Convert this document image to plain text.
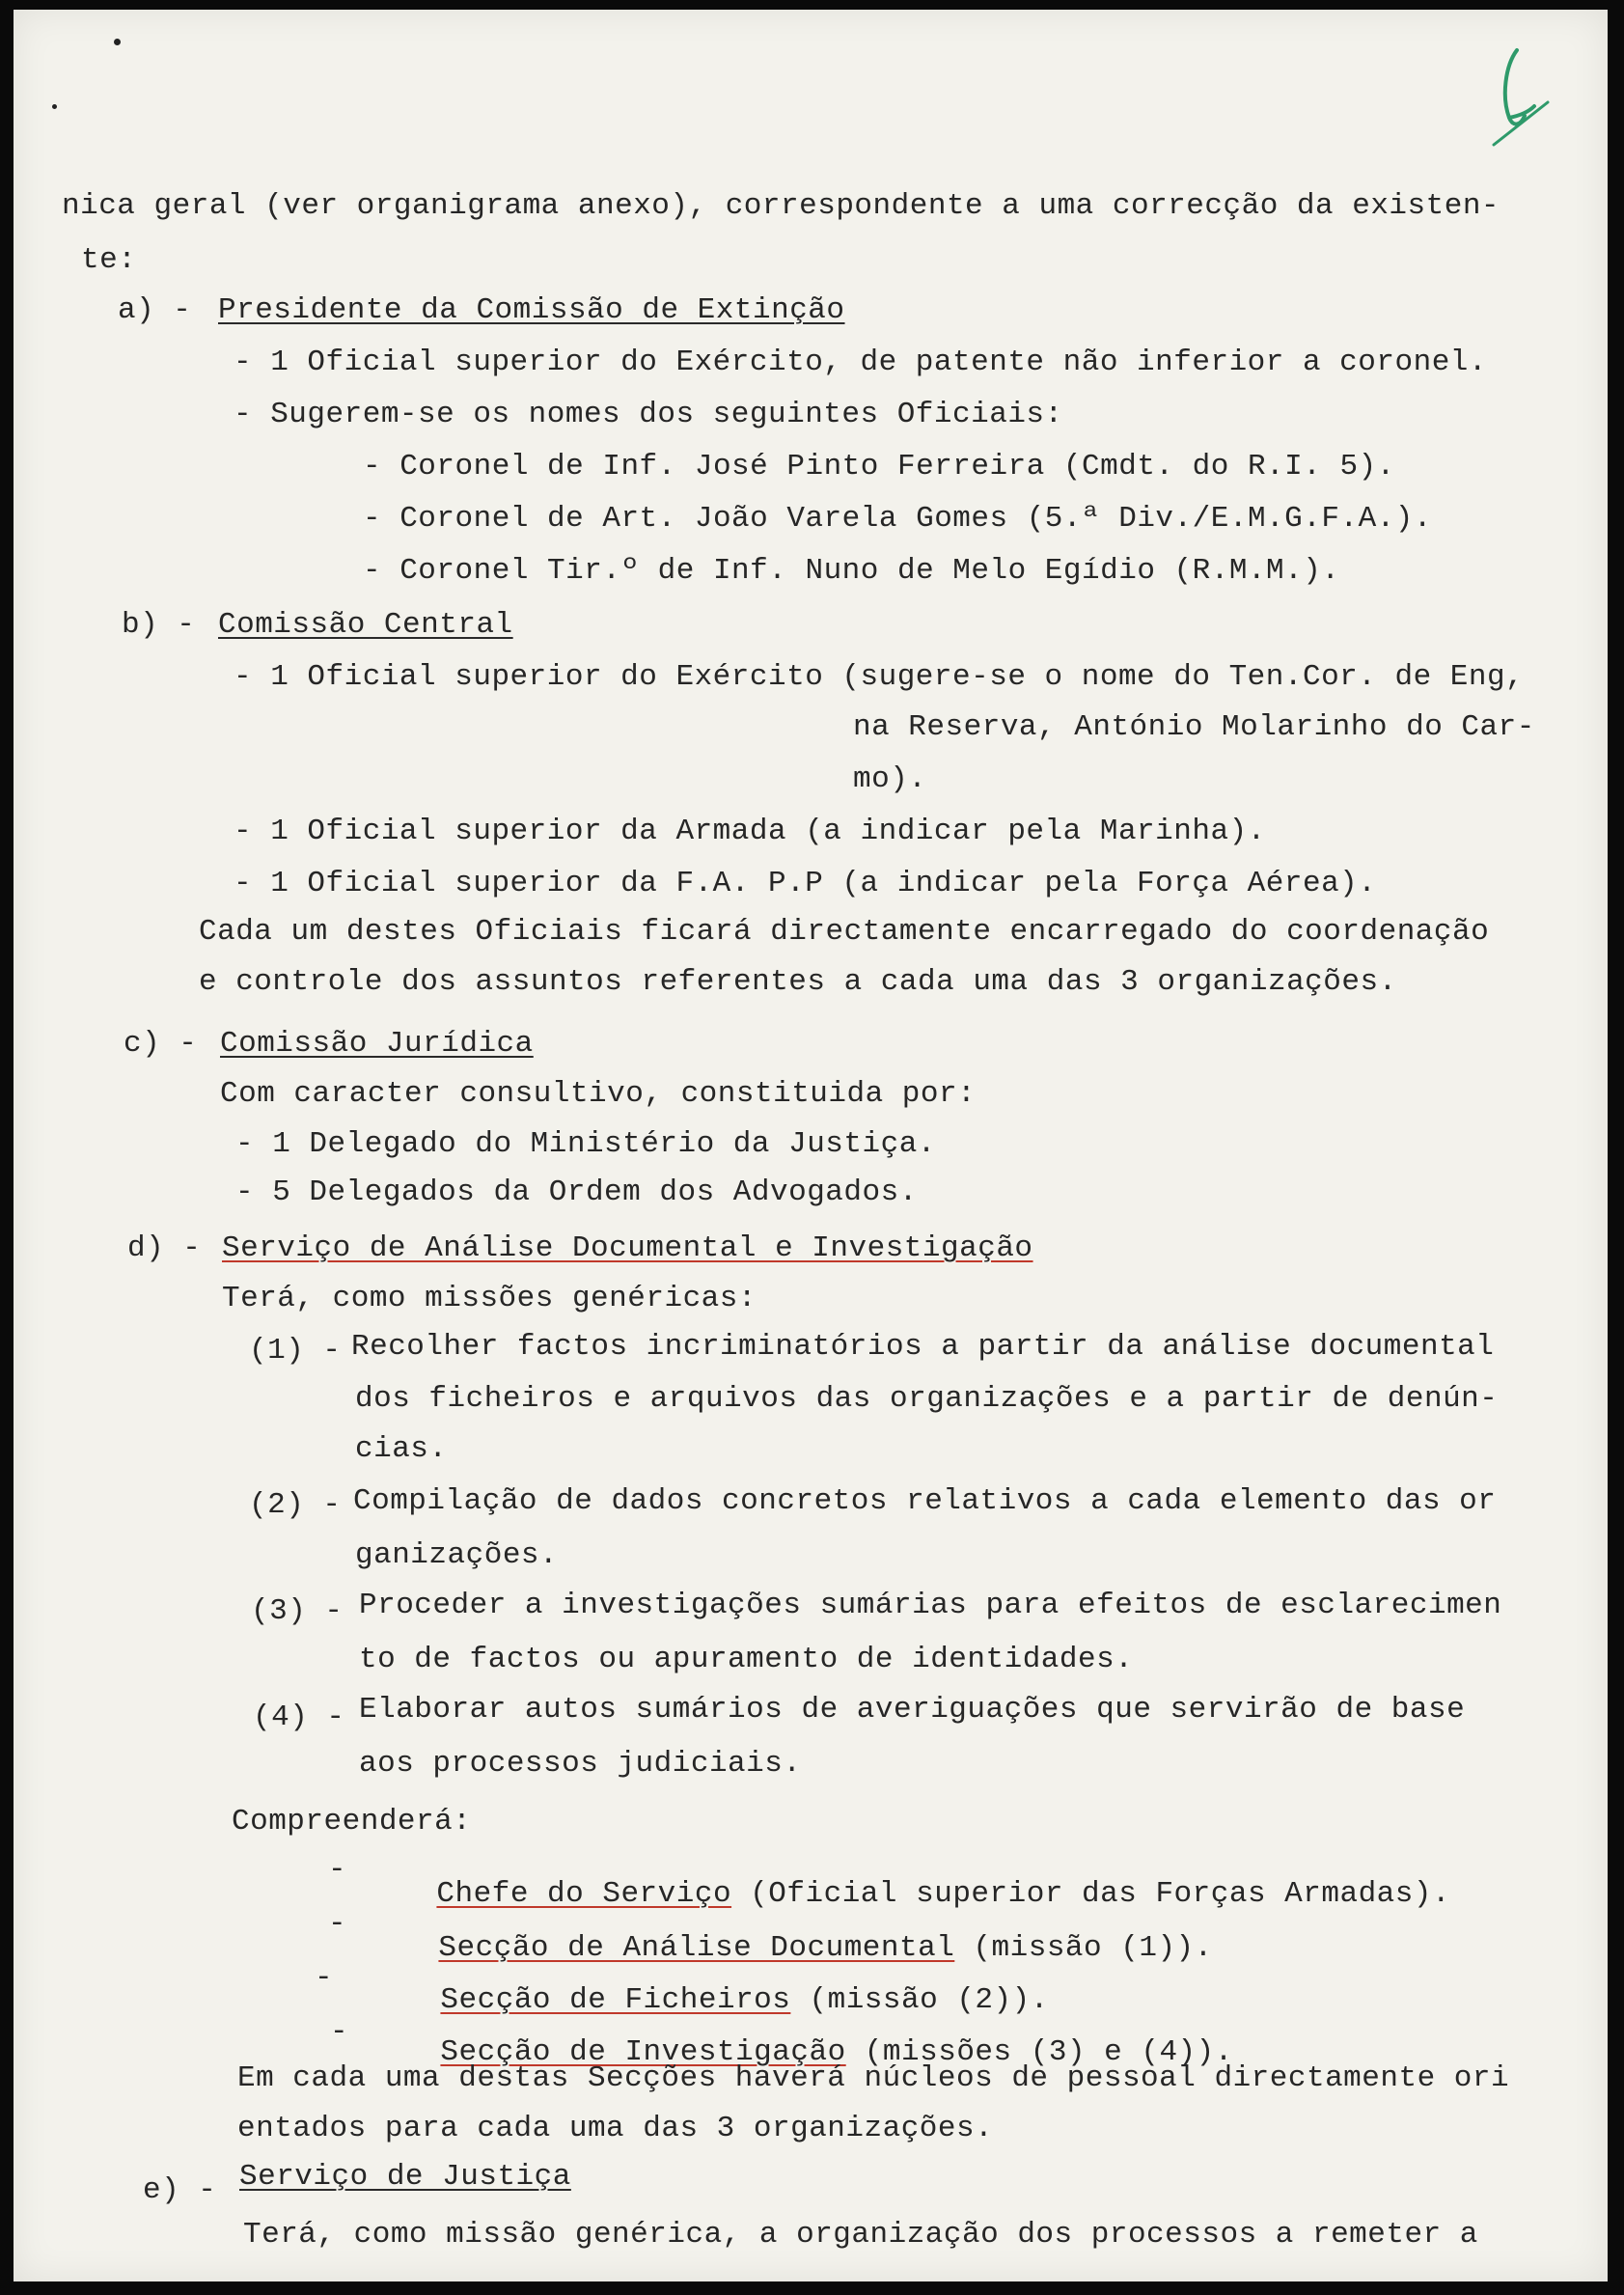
nica geral (ver organigrama anexo), correspondente a uma correcção da existen-
te:
a) - Presidente da Comissão de Extinção
- 1 Oficial superior do Exército, de patente não inferior a coronel.
- Sugerem-se os nomes dos seguintes Oficiais:
- Coronel de Inf. José Pinto Ferreira (Cmdt. do R.I. 5).
- Coronel de Art. João Varela Gomes (5.ª Div./E.M.G.F.A.).
- Coronel Tir.º de Inf. Nuno de Melo Egídio (R.M.M.).
b) - Comissão Central
- 1 Oficial superior do Exército (sugere-se o nome do Ten.Cor. de Eng,
na Reserva, António Molarinho do Car-
mo).
- 1 Oficial superior da Armada (a indicar pela Marinha).
- 1 Oficial superior da F.A. P.P (a indicar pela Força Aérea).
Cada um destes Oficiais ficará directamente encarregado do coordenação
e controle dos assuntos referentes a cada uma das 3 organizações.
c) - Comissão Jurídica
Com caracter consultivo, constituida por:
- 1 Delegado do Ministério da Justiça.
- 5 Delegados da Ordem dos Advogados.
d) - Serviço de Análise Documental e Investigação
Terá, como missões genéricas:
(1) - Recolher factos incriminatórios a partir da análise documental
dos ficheiros e arquivos das organizações e a partir de denún-
cias.
(2) - Compilação de dados concretos relativos a cada elemento das or
ganizações.
(3) - Proceder a investigações sumárias para efeitos de esclarecimen
to de factos ou apuramento de identidades.
(4) - Elaborar autos sumários de averiguações que servirão de base
aos processos judiciais.
Compreenderá:
-

Chefe do Serviço (Oficial superior das Forças Armadas).

-

Secção de Análise Documental (missão (1)).

-

Secção de Ficheiros (missão (2)).

-

Secção de Investigação (missões (3) e (4)).

Em cada uma destas Secções haverá núcleos de pessoal directamente ori
entados para cada uma das 3 organizações.
e) - Serviço de Justiça
Terá, como missão genérica, a organização dos processos a remeter a
